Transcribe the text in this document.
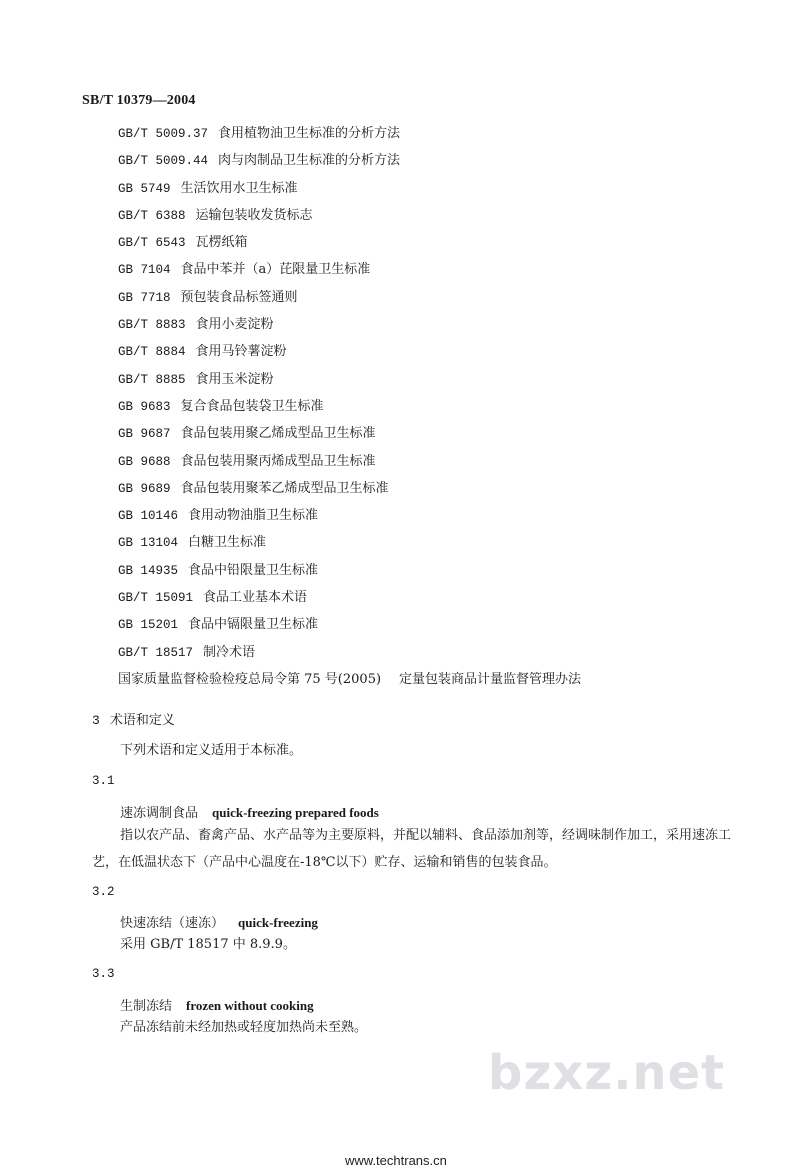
SB/T 10379—2004
GB/T 5009.37 食用植物油卫生标准的分析方法
GB/T 5009.44 肉与肉制品卫生标准的分析方法
GB 5749 生活饮用水卫生标准
GB/T 6388 运输包装收发货标志
GB/T 6543 瓦楞纸箱
GB 7104 食品中苯并（a）芘限量卫生标准
GB 7718 预包装食品标签通则
GB/T 8883 食用小麦淀粉
GB/T 8884 食用马铃薯淀粉
GB/T 8885 食用玉米淀粉
GB 9683 复合食品包装袋卫生标准
GB 9687 食品包装用聚乙烯成型品卫生标准
GB 9688 食品包装用聚丙烯成型品卫生标准
GB 9689 食品包装用聚苯乙烯成型品卫生标准
GB 10146 食用动物油脂卫生标准
GB 13104 白糖卫生标准
GB 14935 食品中铅限量卫生标准
GB/T 15091 食品工业基本术语
GB 15201 食品中镉限量卫生标准
GB/T 18517 制冷术语
国家质量监督检验检疫总局令第 75 号(2005) 定量包装商品计量监督管理办法
3 术语和定义
下列术语和定义适用于本标准。
3.1
速冻调制食品 quick-freezing prepared foods
指以农产品、畜禽产品、水产品等为主要原料，并配以辅料、食品添加剂等，经调味制作加工，采用速冻工艺，在低温状态下（产品中心温度在-18℃以下）贮存、运输和销售的包装食品。
3.2
快速冻结（速冻） quick-freezing
采用 GB/T 18517 中 8.9.9。
3.3
生制冻结 frozen without cooking
产品冻结前未经加热或轻度加热尚未至熟。
bzxz.net
www.techtrans.cn
